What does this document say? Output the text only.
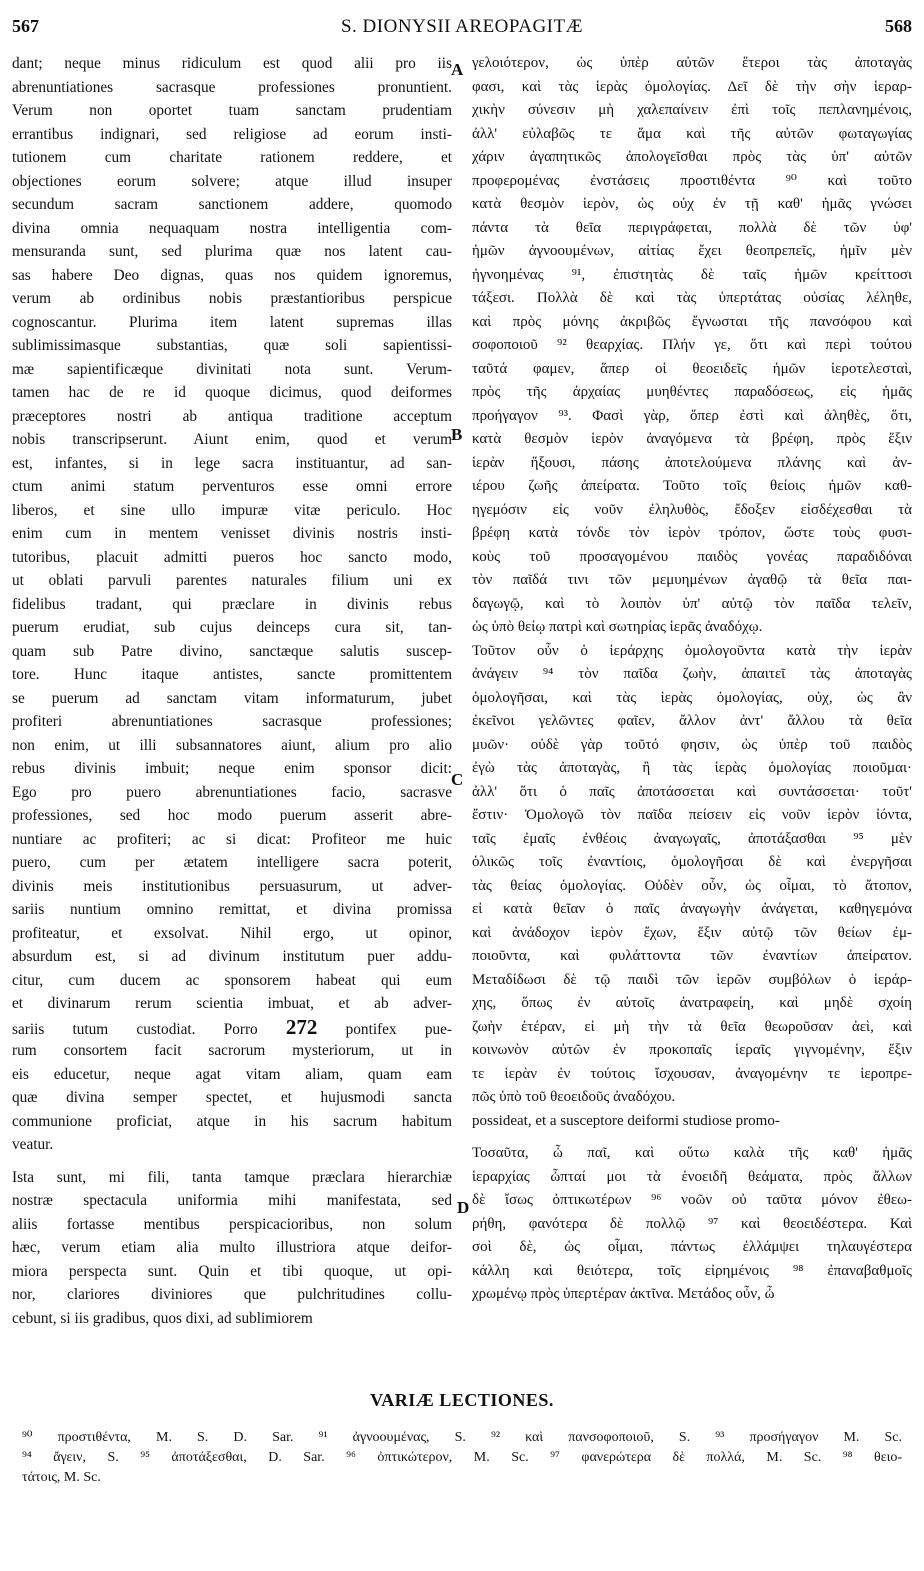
567	S. DIONYSII AREOPAGITÆ	568
dant; neque minus ridiculum est quod alii pro iis
abrenuntiationes sacrasque professiones pronuntient.
Verum non oportet tuam sanctam prudentiam
errantibus indignari, sed religiose ad eorum insti-
tutionem cum charitate rationem reddere, et
objectiones eorum solvere; atque illud insuper
secundum sacram sanctionem addere, quomodo
divina omnia nequaquam nostra intelligentia com-
mensuranda sunt, sed plurima quæ nos latent cau-
sas habere Deo dignas, quas nos quidem ignoremus,
verum ab ordinibus nobis præstantioribus perspicue
cognoscantur. Plurima item latent supremas illas
sublimissimasque substantias, quæ soli sapientissi-
mæ sapientificæque divinitati nota sunt. Verum-
tamen hac de re id quoque dicimus, quod deiformes
præceptores nostri ab antiqua traditione acceptum
nobis transcripserunt. Aiunt enim, quod et verum
est, infantes, si in lege sacra instituantur, ad san-
ctum animi statum perventuros esse omni errore
liberos, et sine ullo impuræ vitæ periculo. Hoc
enim cum in mentem venisset divinis nostris insti-
tutoribus, placuit admitti pueros hoc sancto modo,
ut oblati parvuli parentes naturales filium uni ex
fidelibus tradant, qui præclare in divinis rebus
puerum erudiat, sub cujus deinceps cura sit, tan-
quam sub Patre divino, sanctæque salutis suscep-
tore. Hunc itaque antistes, sancte promittentem
se puerum ad sanctam vitam informaturum, jubet
profiteri abrenuntiationes sacrasque professiones;
non enim, ut illi subsannatores aiunt, alium pro alio
rebus divinis imbuit; neque enim sponsor dicit:
Ego pro puero abrenuntiationes facio, sacrasve
professiones, sed hoc modo puerum asserit abre-
nuntiare ac profiteri; ac si dicat: Profiteor me huic
puero, cum per ætatem intelligere sacra poterit,
divinis meis institutionibus persuasurum, ut adver-
sariis nuntium omnino remittat, et divina promissa
profiteatur, et exsolvat. Nihil ergo, ut opinor,
absurdum est, si ad divinum institutum puer addu-
citur, cum ducem ac sponsorem habeat qui eum
et divinarum rerum scientia imbuat, et ab adver-
sariis tutum custodiat. Porro 272 pontifex pue-
rum consortem facit sacrorum mysteriorum, ut in
eis educetur, neque agat vitam aliam, quam eam
quæ divina semper spectet, et hujusmodi sancta
communione proficiat, atque in his sacrum habitum
veatur.
Ista sunt, mi fili, tanta tamque præclara hierarchiæ
nostræ spectacula uniformia mihi manifestata, sed
aliis fortasse mentibus perspicacioribus, non solum
hæc, verum etiam alia multo illustriora atque deifor-
miora perspecta sunt. Quin et tibi quoque, ut opi-
nor, clariores diviniores que pulchritudines collu-
cebunt, si iis gradibus, quos dixi, ad sublimiorem
γελοιότερον, ὡς ὑπὲρ αὐτῶν ἕτεροι τὰς ἀποταγὰς
φασι, καὶ τὰς ἱερὰς ὁμολογίας. Δεῖ δὲ τὴν σὴν ἱεραρ-
χικὴν σύνεσιν μὴ χαλεπαίνειν ἐπὶ τοῖς πεπλανημένοις,
ἀλλ' εὐλαβῶς τε ἅμα καὶ τῆς αὐτῶν φωταγωγίας
χάριν ἀγαπητικῶς ἀπολογεῖσθαι πρὸς τὰς ὑπ' αὐτῶν
προφερομένας ἐνστάσεις προστιθέντα ⁹⁰ καὶ τοῦτο
κατὰ θεσμὸν ἱερὸν, ὡς οὐχ ἐν τῇ καθ' ἡμᾶς γνώσει
πάντα τὰ θεῖα περιγράφεται, πολλὰ δὲ τῶν ὑφ'
ἡμῶν ἀγνοουμένων, αἰτίας ἔχει θεοπρεπεῖς, ἡμῖν μὲν
ἠγνοημένας ⁹¹, ἐπιστητὰς δὲ ταῖς ἡμῶν κρείττοσι
τάξεσι. Πολλὰ δὲ καὶ τὰς ὑπερτάτας οὐσίας λέληθε,
καὶ πρὸς μόνης ἀκριβῶς ἔγνωσται τῆς πανσόφου καὶ
σοφοποιοῦ ⁹² θεαρχίας. Πλήν γε, ὅτι καὶ περὶ τούτου
ταῦτά φαμεν, ἅπερ οἱ θεοειδεῖς ἡμῶν ἱεροτελεσταὶ,
πρὸς τῆς ἀρχαίας μυηθέντες παραδόσεως, εἰς ἡμᾶς
προήγαγον ⁹³. Φασὶ γὰρ, ὅπερ ἐστὶ καὶ ἀληθὲς, ὅτι,
κατὰ θεσμὸν ἱερὸν ἀναγόμενα τὰ βρέφη, πρὸς ἕξιν
ἱερὰν ἥξουσι, πάσης ἀποτελούμενα πλάνης καὶ ἀν-
ιέρου ζωῆς ἀπείρατα. Τοῦτο τοῖς θείοις ἡμῶν καθ-
ηγεμόσιν εἰς νοῦν ἐληλυθὸς, ἔδοξεν εἰσδέχεσθαι τὰ
βρέφη κατὰ τόνδε τὸν ἱερὸν τρόπον, ὥστε τοὺς φυσι-
κοὺς τοῦ προσαγομένου παιδὸς γονέας παραδιδόναι
τὸν παῖδά τινι τῶν μεμυημένων ἀγαθῷ τὰ θεῖα παι-
δαγωγῷ, καὶ τὸ λοιπὸν ὑπ' αὐτῷ τὸν παῖδα τελεῖν,
ὡς ὑπὸ θείῳ πατρὶ καὶ σωτηρίας ἱερᾶς ἀναδόχῳ.
Τοῦτον οὖν ὁ ἱεράρχης ὁμολογοῦντα κατὰ τὴν ἱερὰν
ἀνάγειν ⁹⁴ τὸν παῖδα ζωὴν, ἀπαιτεῖ τὰς ἀποταγὰς
ὁμολογῆσαι, καὶ τὰς ἱερὰς ὁμολογίας, οὐχ, ὡς ἂν
ἐκεῖνοι γελῶντες φαῖεν, ἄλλον ἀντ' ἄλλου τὰ θεῖα
μυῶν· οὐδὲ γὰρ τοῦτό φησιν, ὡς ὑπὲρ τοῦ παιδὸς
ἐγὼ τὰς ἀποταγὰς, ἢ τὰς ἱερὰς ὁμολογίας ποιοῦμαι·
ἀλλ' ὅτι ὁ παῖς ἀποτάσσεται καὶ συντάσσεται· τοῦτ'
ἔστιν· Ὁμολογῶ τὸν παῖδα πείσειν εἰς νοῦν ἱερὸν ἰόντα,
ταῖς ἐμαῖς ἐνθέοις ἀναγωγαῖς, ἀποτάξασθαι ⁹⁵ μὲν
ὁλικῶς τοῖς ἐναντίοις, ὁμολογῆσαι δὲ καὶ ἐνεργῆσαι
τὰς θείας ὁμολογίας. Οὐδὲν οὖν, ὡς οἶμαι, τὸ ἄτοπον,
εἰ κατὰ θεῖαν ὁ παῖς ἀναγωγὴν ἀνάγεται, καθηγεμόνα
καὶ ἀνάδοχον ἱερὸν ἔχων, ἕξιν αὐτῷ τῶν θείων ἐμ-
ποιοῦντα, καὶ φυλάττοντα τῶν ἐναντίων ἀπείρατον.
Μεταδίδωσι δὲ τῷ παιδὶ τῶν ἱερῶν συμβόλων ὁ ἱεράρ-
χης, ὅπως ἐν αὐτοῖς ἀνατραφείη, καὶ μηδὲ σχοίη
ζωὴν ἑτέραν, εἰ μὴ τὴν τὰ θεῖα θεωροῦσαν ἀεὶ, καὶ
κοινωνὸν αὐτῶν ἐν προκοπαῖς ἱεραῖς γιγνομένην, ἕξιν
τε ἱερὰν ἐν τούτοις ἴσχουσαν, ἀναγομένην τε ἱεροπρε-
πῶς ὑπὸ τοῦ θεοειδοῦς ἀναδόχου.
possideat, et a susceptore deiformi studiose promo-
Τοσαῦτα, ὦ παῖ, καὶ οὕτω καλὰ τῆς καθ' ἡμᾶς
ἱεραρχίας ὦπταί μοι τὰ ἑνοειδῆ θεάματα, πρὸς ἄλλων
δὲ ἴσως ὀπτικωτέρων ⁹⁶ νοῶν οὐ ταῦτα μόνον ἐθεω-
ρήθη, φανότερα δὲ πολλῷ ⁹⁷ καὶ θεοειδέστερα. Καὶ
σοὶ δὲ, ὡς οἶμαι, πάντως ἐλλάμψει τηλαυγέστερα
κάλλη καὶ θειότερα, τοῖς εἰρημένοις ⁹⁸ ἐπαναβαθμοῖς
χρωμένῳ πρὸς ὑπερτέραν ἀκτῖνα. Μετάδος οὖν, ὦ
A
B
C
D
VARIÆ LECTIONES.
⁹⁰ προστιθέντα, M. S. D. Sar. ⁹¹ ἀγνοουμένας, S. ⁹² καὶ πανσοφοποιοῦ, S. ⁹³ προσήγαγον M. Sc.
⁹⁴ ἄγειν, S. ⁹⁵ ἀποτάξεσθαι, D. Sar. ⁹⁶ ὀπτικώτερον, M. Sc. ⁹⁷ φανερώτερα δὲ πολλά, M. Sc. ⁹⁸ θειο-
τάτοις, M. Sc.
